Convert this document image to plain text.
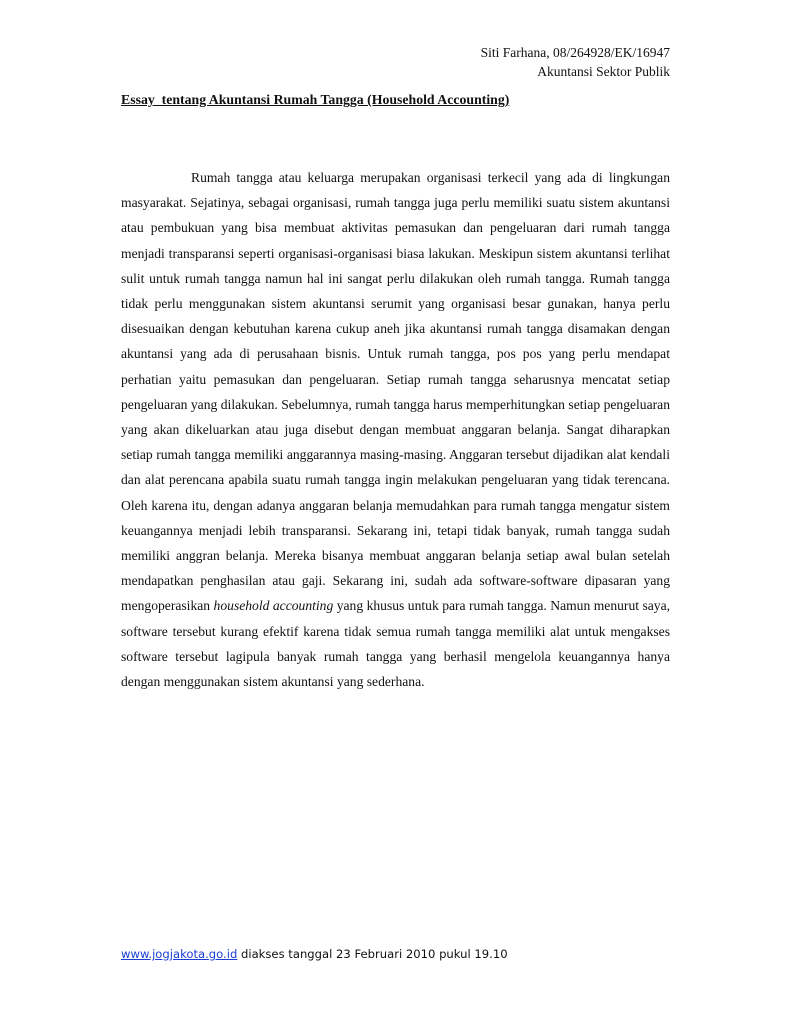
Siti Farhana, 08/264928/EK/16947
Akuntansi Sektor Publik
Essay  tentang Akuntansi Rumah Tangga (Household Accounting)

Rumah tangga atau keluarga merupakan organisasi terkecil yang ada di lingkungan masyarakat. Sejatinya, sebagai organisasi, rumah tangga juga perlu memiliki suatu sistem akuntansi atau pembukuan yang bisa membuat aktivitas pemasukan dan pengeluaran dari rumah tangga menjadi transparansi seperti organisasi-organisasi biasa lakukan. Meskipun sistem akuntansi terlihat sulit untuk rumah tangga namun hal ini sangat perlu dilakukan oleh rumah tangga. Rumah tangga tidak perlu menggunakan sistem akuntansi serumit yang organisasi besar gunakan, hanya perlu disesuaikan dengan kebutuhan karena cukup aneh jika akuntansi rumah tangga disamakan dengan akuntansi yang ada di perusahaan bisnis. Untuk rumah tangga, pos pos yang perlu mendapat perhatian yaitu pemasukan dan pengeluaran. Setiap rumah tangga seharusnya mencatat setiap pengeluaran yang dilakukan. Sebelumnya, rumah tangga harus memperhitungkan setiap pengeluaran yang akan dikeluarkan atau juga disebut dengan membuat anggaran belanja. Sangat diharapkan setiap rumah tangga memiliki anggarannya masing-masing. Anggaran tersebut dijadikan alat kendali dan alat perencana apabila suatu rumah tangga ingin melakukan pengeluaran yang tidak terencana. Oleh karena itu, dengan adanya anggaran belanja memudahkan para rumah tangga mengatur sistem keuangannya menjadi lebih transparansi. Sekarang ini, tetapi tidak banyak, rumah tangga sudah memiliki anggran belanja. Mereka bisanya membuat anggaran belanja setiap awal bulan setelah mendapatkan penghasilan atau gaji. Sekarang ini, sudah ada software-software dipasaran yang mengoperasikan household accounting yang khusus untuk para rumah tangga. Namun menurut saya, software tersebut kurang efektif karena tidak semua rumah tangga memiliki alat untuk mengakses software tersebut lagipula banyak rumah tangga yang berhasil mengelola keuangannya hanya dengan menggunakan sistem akuntansi yang sederhana.

www.jogjakota.go.id diakses tanggal 23 Februari 2010 pukul 19.10
